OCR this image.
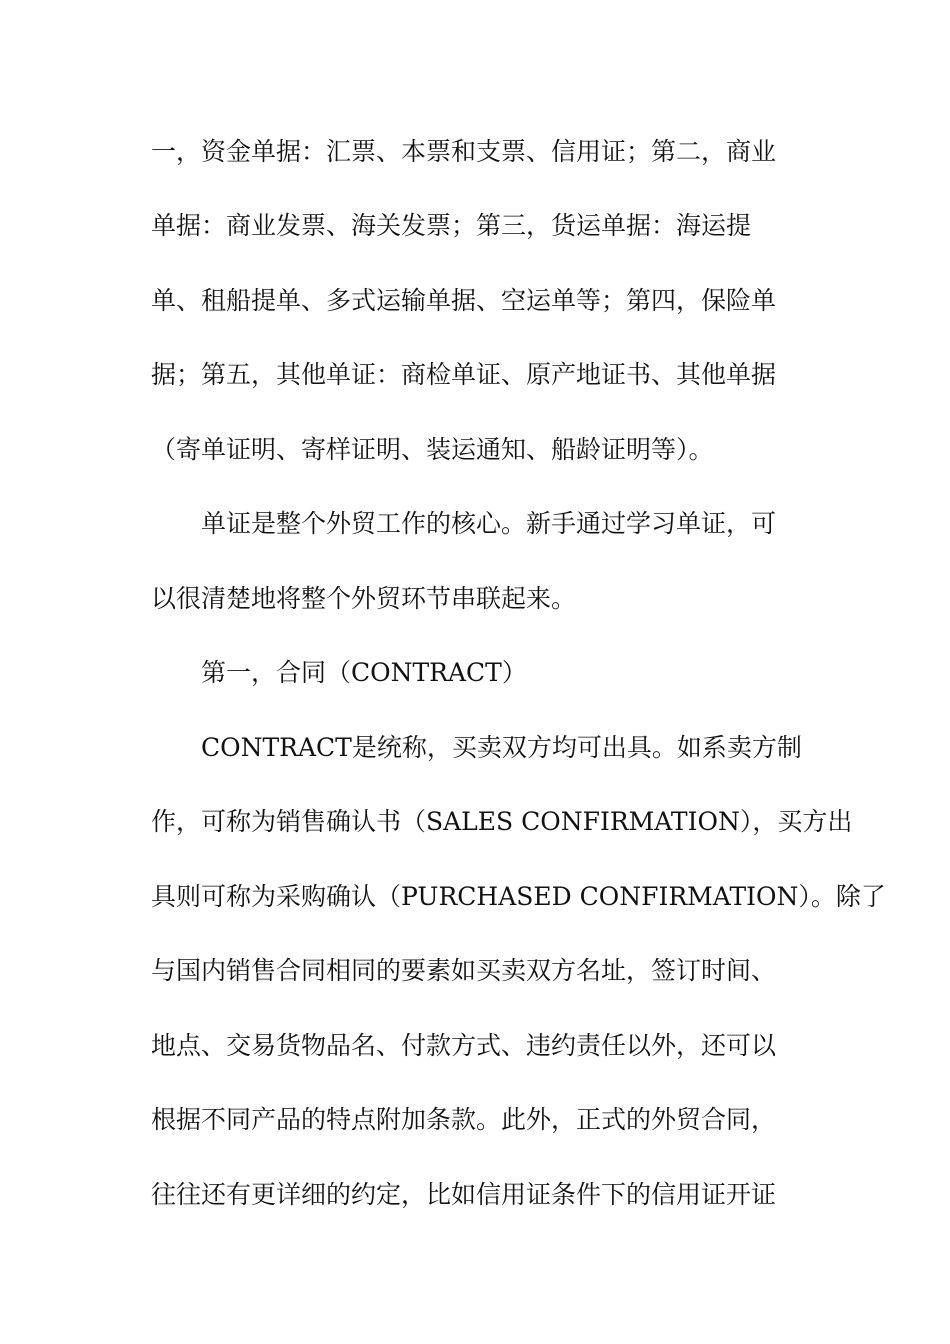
一，资金单据：汇票、本票和支票、信用证；第二，商业
单据：商业发票、海关发票；第三，货运单据：海运提
单、租船提单、多式运输单据、空运单等；第四，保险单
据；第五，其他单证：商检单证、原产地证书、其他单据
（寄单证明、寄样证明、装运通知、船龄证明等）。
单证是整个外贸工作的核心。新手通过学习单证，可
以很清楚地将整个外贸环节串联起来。
第一，合同（CONTRACT）
CONTRACT是统称，买卖双方均可出具。如系卖方制
作，可称为销售确认书（SALES CONFIRMATION），买方出
具则可称为采购确认（PURCHASED CONFIRMATION）。除了
与国内销售合同相同的要素如买卖双方名址，签订时间、
地点、交易货物品名、付款方式、违约责任以外，还可以
根据不同产品的特点附加条款。此外，正式的外贸合同，
往往还有更详细的约定，比如信用证条件下的信用证开证
